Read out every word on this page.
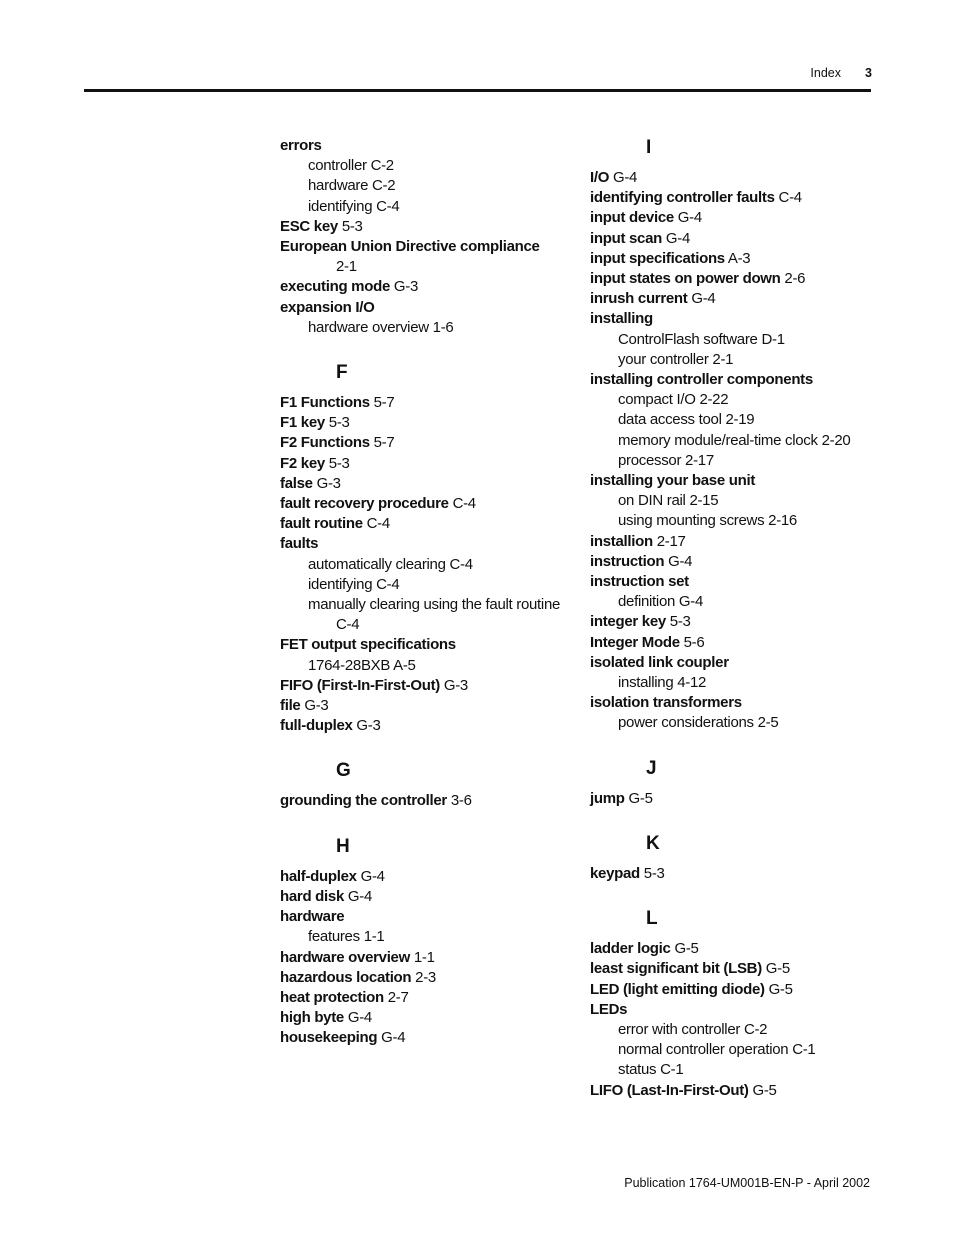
Index 3
errors
controller C-2
hardware C-2
identifying C-4
ESC key 5-3
European Union Directive compliance
2-1
executing mode G-3
expansion I/O
hardware overview 1-6
F
F1 Functions 5-7
F1 key 5-3
F2 Functions 5-7
F2 key 5-3
false G-3
fault recovery procedure C-4
fault routine C-4
faults
automatically clearing C-4
identifying C-4
manually clearing using the fault routine
C-4
FET output specifications
1764-28BXB A-5
FIFO (First-In-First-Out) G-3
file G-3
full-duplex G-3
G
grounding the controller 3-6
H
half-duplex G-4
hard disk G-4
hardware
features 1-1
hardware overview 1-1
hazardous location 2-3
heat protection 2-7
high byte G-4
housekeeping G-4
I
I/O G-4
identifying controller faults C-4
input device G-4
input scan G-4
input specifications A-3
input states on power down 2-6
inrush current G-4
installing
ControlFlash software D-1
your controller 2-1
installing controller components
compact I/O 2-22
data access tool 2-19
memory module/real-time clock 2-20
processor 2-17
installing your base unit
on DIN rail 2-15
using mounting screws 2-16
installion 2-17
instruction G-4
instruction set
definition G-4
integer key 5-3
Integer Mode 5-6
isolated link coupler
installing 4-12
isolation transformers
power considerations 2-5
J
jump G-5
K
keypad 5-3
L
ladder logic G-5
least significant bit (LSB) G-5
LED (light emitting diode) G-5
LEDs
error with controller C-2
normal controller operation C-1
status C-1
LIFO (Last-In-First-Out) G-5
Publication 1764-UM001B-EN-P - April 2002
